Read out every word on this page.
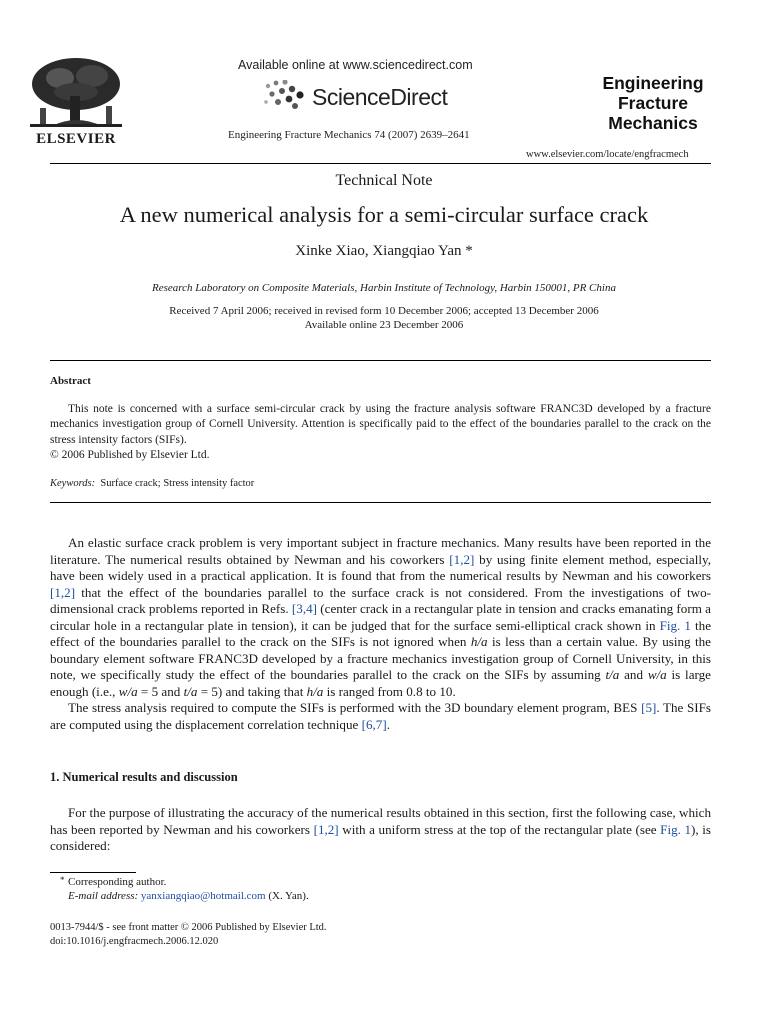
ELSEVIER
Available online at www.sciencedirect.com
ScienceDirect
Engineering Fracture Mechanics 74 (2007) 2639–2641
Engineering
Fracture
Mechanics
www.elsevier.com/locate/engfracmech
Technical Note
A new numerical analysis for a semi-circular surface crack
Xinke Xiao, Xiangqiao Yan *
Research Laboratory on Composite Materials, Harbin Institute of Technology, Harbin 150001, PR China
Received 7 April 2006; received in revised form 10 December 2006; accepted 13 December 2006
Available online 23 December 2006
Abstract

This note is concerned with a surface semi-circular crack by using the fracture analysis software FRANC3D developed by a fracture mechanics investigation group of Cornell University. Attention is specifically paid to the effect of the boundaries parallel to the crack on the stress intensity factors (SIFs).

© 2006 Published by Elsevier Ltd.

Keywords: Surface crack; Stress intensity factor

An elastic surface crack problem is very important subject in fracture mechanics. Many results have been reported in the literature. The numerical results obtained by Newman and his coworkers [1,2] by using finite element method, especially, have been widely used in a practical application. It is found that from the numerical results by Newman and his coworkers [1,2] that the effect of the boundaries parallel to the surface crack is not considered. From the investigations of two-dimensional crack problems reported in Refs. [3,4] (center crack in a rectangular plate in tension and cracks emanating form a circular hole in a rectangular plate in tension), it can be judged that for the surface semi-elliptical crack shown in Fig. 1 the effect of the boundaries parallel to the crack on the SIFs is not ignored when h/a is less than a certain value. By using the boundary element software FRANC3D developed by a fracture mechanics investigation group of Cornell University, in this note, we specifically study the effect of the boundaries parallel to the crack on the SIFs by assuming t/a and w/a is large enough (i.e., w/a = 5 and t/a = 5) and taking that h/a is ranged from 0.8 to 10.

The stress analysis required to compute the SIFs is performed with the 3D boundary element program, BES [5]. The SIFs are computed using the displacement correlation technique [6,7].

1. Numerical results and discussion

For the purpose of illustrating the accuracy of the numerical results obtained in this section, first the following case, which has been reported by Newman and his coworkers [1,2] with a uniform stress at the top of the rectangular plate (see Fig. 1), is considered:

* Corresponding author.
E-mail address: yanxiangqiao@hotmail.com (X. Yan).
0013-7944/$ - see front matter © 2006 Published by Elsevier Ltd.
doi:10.1016/j.engfracmech.2006.12.020
